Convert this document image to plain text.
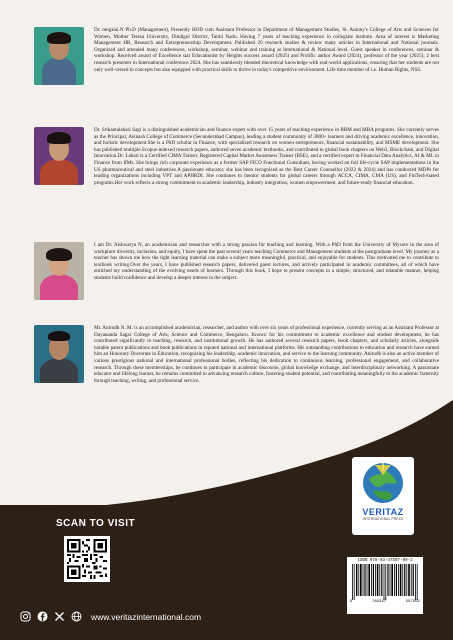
Dr. megalai.N Ph.D (Management), Presently HOD cum Assistant Professor in Department of Management Studies, St. Antony's College of Arts and Sciences for Women, Mother Teresa University, Dindigul District, Tamil Nadu. Having 7 years of teaching experience in collegiate institute. Area of interest is Marketing Management HR, Research and Entrepreneurship Development. Published 20 research studies & review many articles in International and National journals. Organized and attended many conferences, workshop, seminar, webinar and training at International & National level. Guest speaker in conferences, seminar & workshop. Received award of Excellence star Educationist by Heights success award (2025) and Prolific author Award (2024), professor of the year (2025), 2 best research presenter in International conference 2024. She has seamlessly blended theoretical knowledge with real-world applications, ensuring that her students are not only well-versed in concepts but also equipped with practical skills to thrive in today's competitive environment. Life time member of i.e. Human Rights, NSS.
Dr. Srikantalahari Sagi is a distinguished academician and finance expert with over 15 years of teaching experience in BBM and MBA programs. She currently serves as the Principal, Avinash College of Commerce (Secunderabad Campus), leading a student community of 3000+ learners and driving academic excellence, innovation, and holistic development.She is a PhD scholar in Finance, with specialized research on women entrepreneurs, financial sustainability, and MSME development. She has published multiple Scopus-indexed research papers, authored seven academic textbooks, and contributed to global book chapters on Web3, Blockchain, and Digital Innovation.Dr. Lahari is a Certified CIMA Trainer, Registered Capital Market Awareness Trainer (BSE), and a certified expert in Financial Data Analytics, AI & ML in Finance from IIMs. She brings rich corporate experience as a former SAP FICO Functional Consultant, having worked on full life-cycle SAP implementations in the US pharmaceutical and steel industries.A passionate educator, she has been recognized as the Best Career Counsellor (2022 & 2024) and has conducted MDPs for leading organizations including VPT and APHRDI. She continues to mentor students for global careers through ACCA, CIMA, CMA (US), and FinTech-based programs.Her work reflects a strong commitment to academic leadership, industry integration, women empowerment, and future-ready financial education.
I am Dr. Aishwarya N, an academician and researcher with a strong passion for teaching and learning. With a PhD from the University of Mysore in the area of workplace diversity, inclusion, and equity, I have spent the past several years teaching Commerce and Management students at the postgraduate level. My journey as a teacher has shown me how the right learning material can make a subject more meaningful, practical, and enjoyable for students. This motivated me to contribute to textbook writing.Over the years, I have published research papers, delivered guest lectures, and actively participated in academic committees, all of which have enriched my understanding of the evolving needs of learners. Through this book, I hope to present concepts in a simple, structured, and relatable manner, helping students build confidence and develop a deeper interest in the subject.
Mr. Anirudh N. M. is an accomplished academician, researcher, and author with over six years of professional experience, currently serving as an Assistant Professor at Dayananda Sagar College of Arts, Science and Commerce, Bengaluru. Known for his commitment to academic excellence and student development, he has contributed significantly to teaching, research, and institutional growth. He has authored several research papers, book chapters, and scholarly articles, alongside notable patent publications and book publications in reputed national and international platforms. His outstanding contributions to education and research have earned him an Honorary Doctorate in Education, recognizing his leadership, academic innovation, and service to the learning community. Anirudh is also an active member of various prestigious national and international professional bodies, reflecting his dedication to continuous learning, professional engagement, and collaborative research. Through these memberships, he continues to participate in academic discourse, global knowledge exchange, and interdisciplinary networking. A passionate educator and lifelong learner, he remains committed to advancing research culture, fostering student potential, and contributing meaningfully to the academic fraternity through teaching, writing, and professional service.
SCAN TO VISIT
VERITAZ
INTERNATIONAL PRESS
ISBN 978-93-47597-99-2
9	789347	597992
www.veritazinternational.com
